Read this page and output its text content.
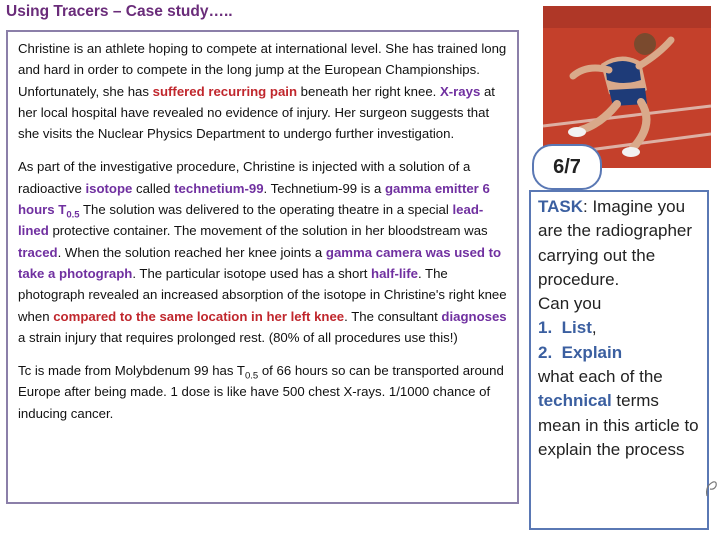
Using Tracers – Case study…..

Christine is an athlete hoping to compete at international level. She has trained long and hard in order to compete in the long jump at the European Championships. Unfortunately, she has suffered recurring pain beneath her right knee. X-rays at her local hospital have revealed no evidence of injury. Her surgeon suggests that she visits the Nuclear Physics Department to undergo further investigation.

As part of the investigative procedure, Christine is injected with a solution of a radioactive isotope called technetium-99. Technetium-99 is a gamma emitter 6 hours $T_{0.5}$ The solution was delivered to the operating theatre in a special lead-lined protective container. The movement of the solution in her bloodstream was traced. When the solution reached her knee joints a gamma camera was used to take a photograph. The particular isotope used has a short half-life. The photograph revealed an increased absorption of the isotope in Christine's right knee when compared to the same location in her left knee. The consultant diagnoses a strain injury that requires prolonged rest. (80% of all procedures use this!)

Tc is made from Molybdenum 99 has $T_{0.5}$ of 66 hours so can be transported around Europe after being made. 1 dose is like have 500 chest X-rays. 1/1000 chance of inducing cancer.

6/7
TASK: Imagine you are the radiographer carrying out the procedure.
Can you
1. List,
2. Explain
what each of the technical terms mean in this article to explain the process
